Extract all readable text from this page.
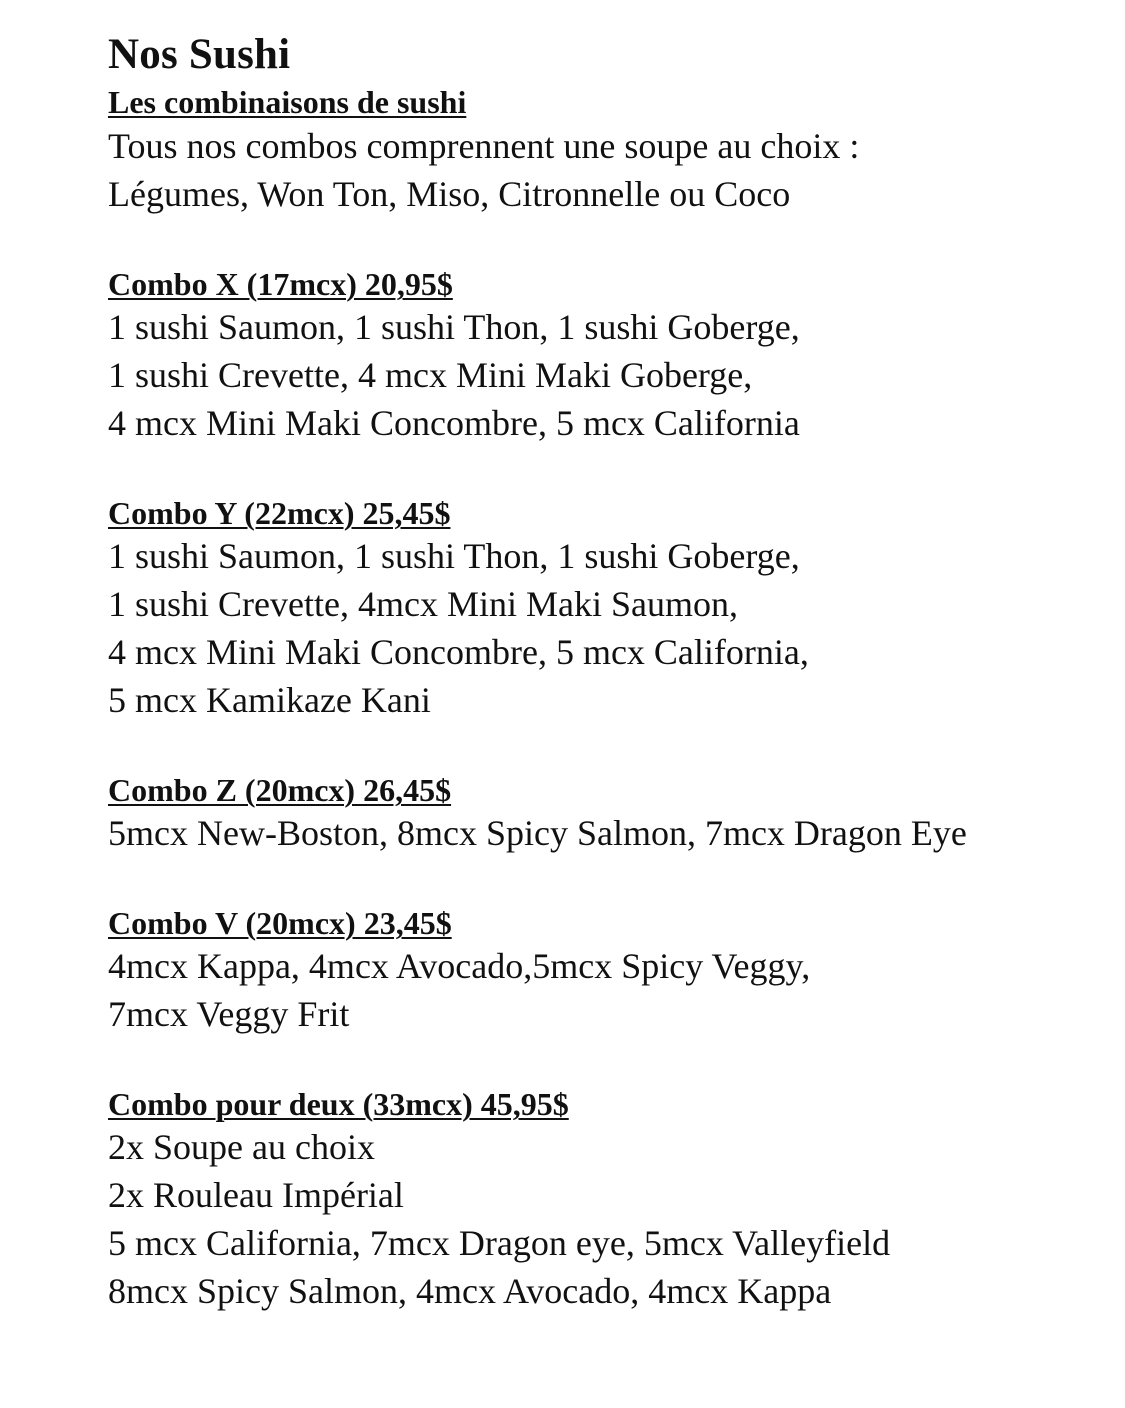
Nos Sushi
Les combinaisons de sushi

Tous nos combos comprennent une soupe au choix :

Légumes, Won Ton, Miso, Citronnelle ou Coco

Combo X (17mcx) 20,95$

1 sushi Saumon, 1 sushi Thon, 1 sushi Goberge,

1 sushi Crevette, 4 mcx Mini Maki Goberge,

4 mcx Mini Maki Concombre, 5 mcx California

Combo Y (22mcx) 25,45$

1 sushi Saumon, 1 sushi Thon, 1 sushi Goberge,

1 sushi Crevette, 4mcx Mini Maki Saumon,

4 mcx Mini Maki Concombre, 5 mcx California,

5 mcx Kamikaze Kani

Combo Z (20mcx) 26,45$

5mcx New-Boston, 8mcx Spicy Salmon, 7mcx Dragon Eye

Combo V (20mcx) 23,45$

4mcx Kappa, 4mcx Avocado,5mcx Spicy Veggy,

7mcx Veggy Frit

Combo pour deux (33mcx) 45,95$

2x Soupe au choix

2x Rouleau Impérial

5 mcx California, 7mcx Dragon eye, 5mcx Valleyfield

8mcx Spicy Salmon, 4mcx Avocado, 4mcx Kappa
